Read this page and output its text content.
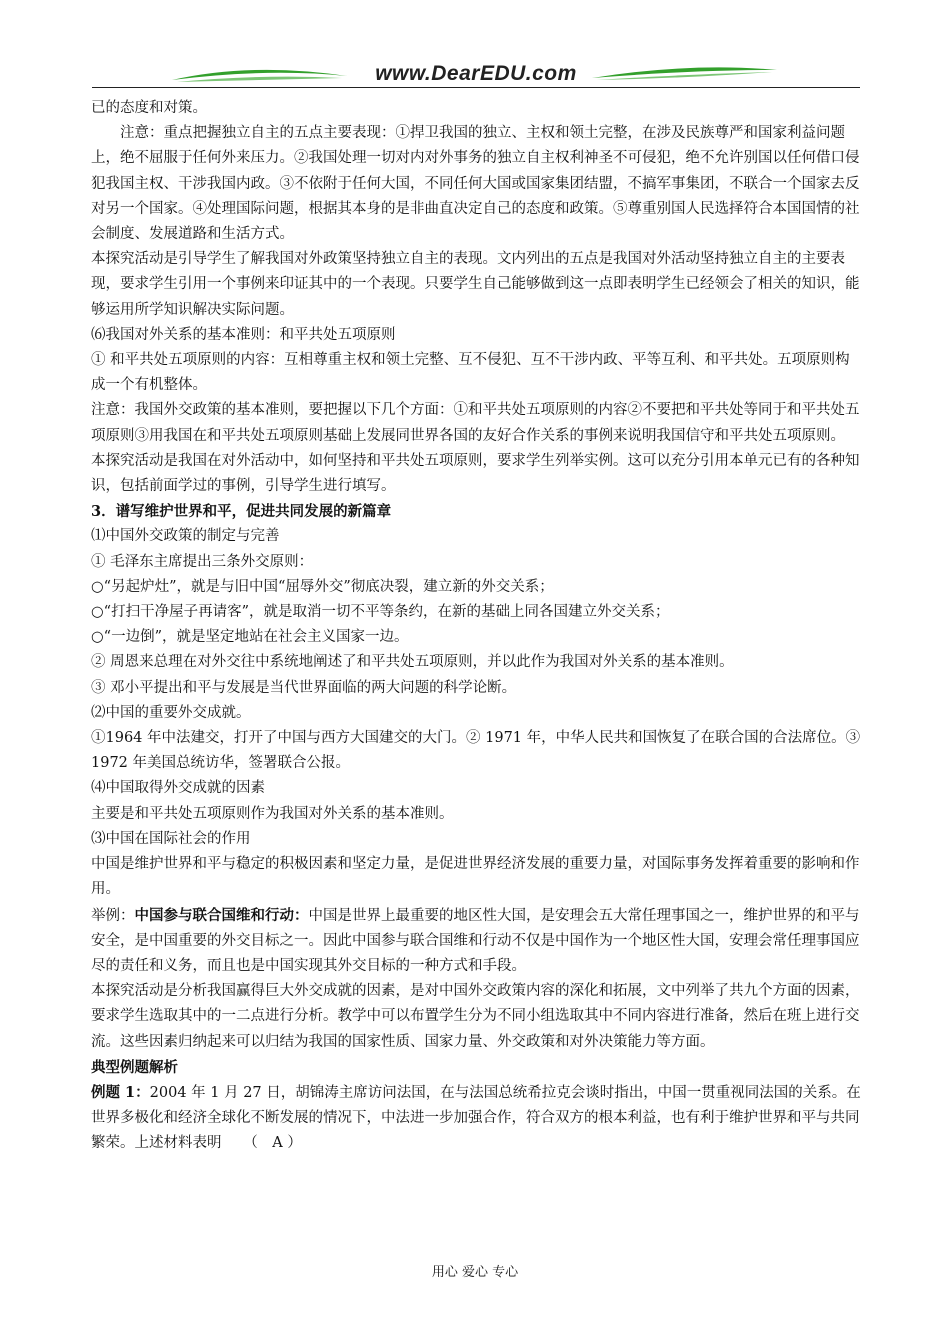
www.DearEDU.com

已的态度和对策。

注意：重点把握独立自主的五点主要表现：①捍卫我国的独立、主权和领土完整，在涉及民族尊严和国家利益问题上，绝不屈服于任何外来压力。②我国处理一切对内对外事务的独立自主权利神圣不可侵犯，绝不允许别国以任何借口侵犯我国主权、干涉我国内政。③不依附于任何大国，不同任何大国或国家集团结盟，不搞军事集团，不联合一个国家去反对另一个国家。④处理国际问题，根据其本身的是非曲直决定自己的态度和政策。⑤尊重别国人民选择符合本国国情的社会制度、发展道路和生活方式。

本探究活动是引导学生了解我国对外政策坚持独立自主的表现。文内列出的五点是我国对外活动坚持独立自主的主要表现，要求学生引用一个事例来印证其中的一个表现。只要学生自己能够做到这一点即表明学生已经领会了相关的知识，能够运用所学知识解决实际问题。

⑹我国对外关系的基本准则：和平共处五项原则

① 和平共处五项原则的内容：互相尊重主权和领土完整、互不侵犯、互不干涉内政、平等互利、和平共处。五项原则构成一个有机整体。

注意：我国外交政策的基本准则，要把握以下几个方面：①和平共处五项原则的内容②不要把和平共处等同于和平共处五项原则③用我国在和平共处五项原则基础上发展同世界各国的友好合作关系的事例来说明我国信守和平共处五项原则。

本探究活动是我国在对外活动中，如何坚持和平共处五项原则，要求学生列举实例。这可以充分引用本单元已有的各种知识，包括前面学过的事例，引导学生进行填写。

3．谱写维护世界和平，促进共同发展的新篇章

⑴中国外交政策的制定与完善

① 毛泽东主席提出三条外交原则：

○“另起炉灶”，就是与旧中国“屈辱外交”彻底决裂，建立新的外交关系；

○“打扫干净屋子再请客”，就是取消一切不平等条约，在新的基础上同各国建立外交关系；

○“一边倒”，就是坚定地站在社会主义国家一边。

② 周恩来总理在对外交往中系统地阐述了和平共处五项原则，并以此作为我国对外关系的基本准则。

③ 邓小平提出和平与发展是当代世界面临的两大问题的科学论断。

⑵中国的重要外交成就。

①1964 年中法建交，打开了中国与西方大国建交的大门。② 1971 年，中华人民共和国恢复了在联合国的合法席位。③ 1972 年美国总统访华，签署联合公报。

⑷中国取得外交成就的因素

主要是和平共处五项原则作为我国对外关系的基本准则。

⑶中国在国际社会的作用

中国是维护世界和平与稳定的积极因素和坚定力量，是促进世界经济发展的重要力量，对国际事务发挥着重要的影响和作用。

举例：中国参与联合国维和行动：中国是世界上最重要的地区性大国，是安理会五大常任理事国之一，维护世界的和平与安全，是中国重要的外交目标之一。因此中国参与联合国维和行动不仅是中国作为一个地区性大国，安理会常任理事国应尽的责任和义务，而且也是中国实现其外交目标的一种方式和手段。

本探究活动是分析我国赢得巨大外交成就的因素，是对中国外交政策内容的深化和拓展，文中列举了共九个方面的因素，要求学生选取其中的一二点进行分析。教学中可以布置学生分为不同小组选取其中不同内容进行准备，然后在班上进行交流。这些因素归纳起来可以归结为我国的国家性质、国家力量、外交政策和对外决策能力等方面。

典型例题解析

例题 1：2004 年 1 月 27 日，胡锦涛主席访问法国，在与法国总统希拉克会谈时指出，中国一贯重视同法国的关系。在世界多极化和经济全球化不断发展的情况下，中法进一步加强合作，符合双方的根本利益，也有利于维护世界和平与共同繁荣。上述材料表明　　（　A ）

用心 爱心 专心
